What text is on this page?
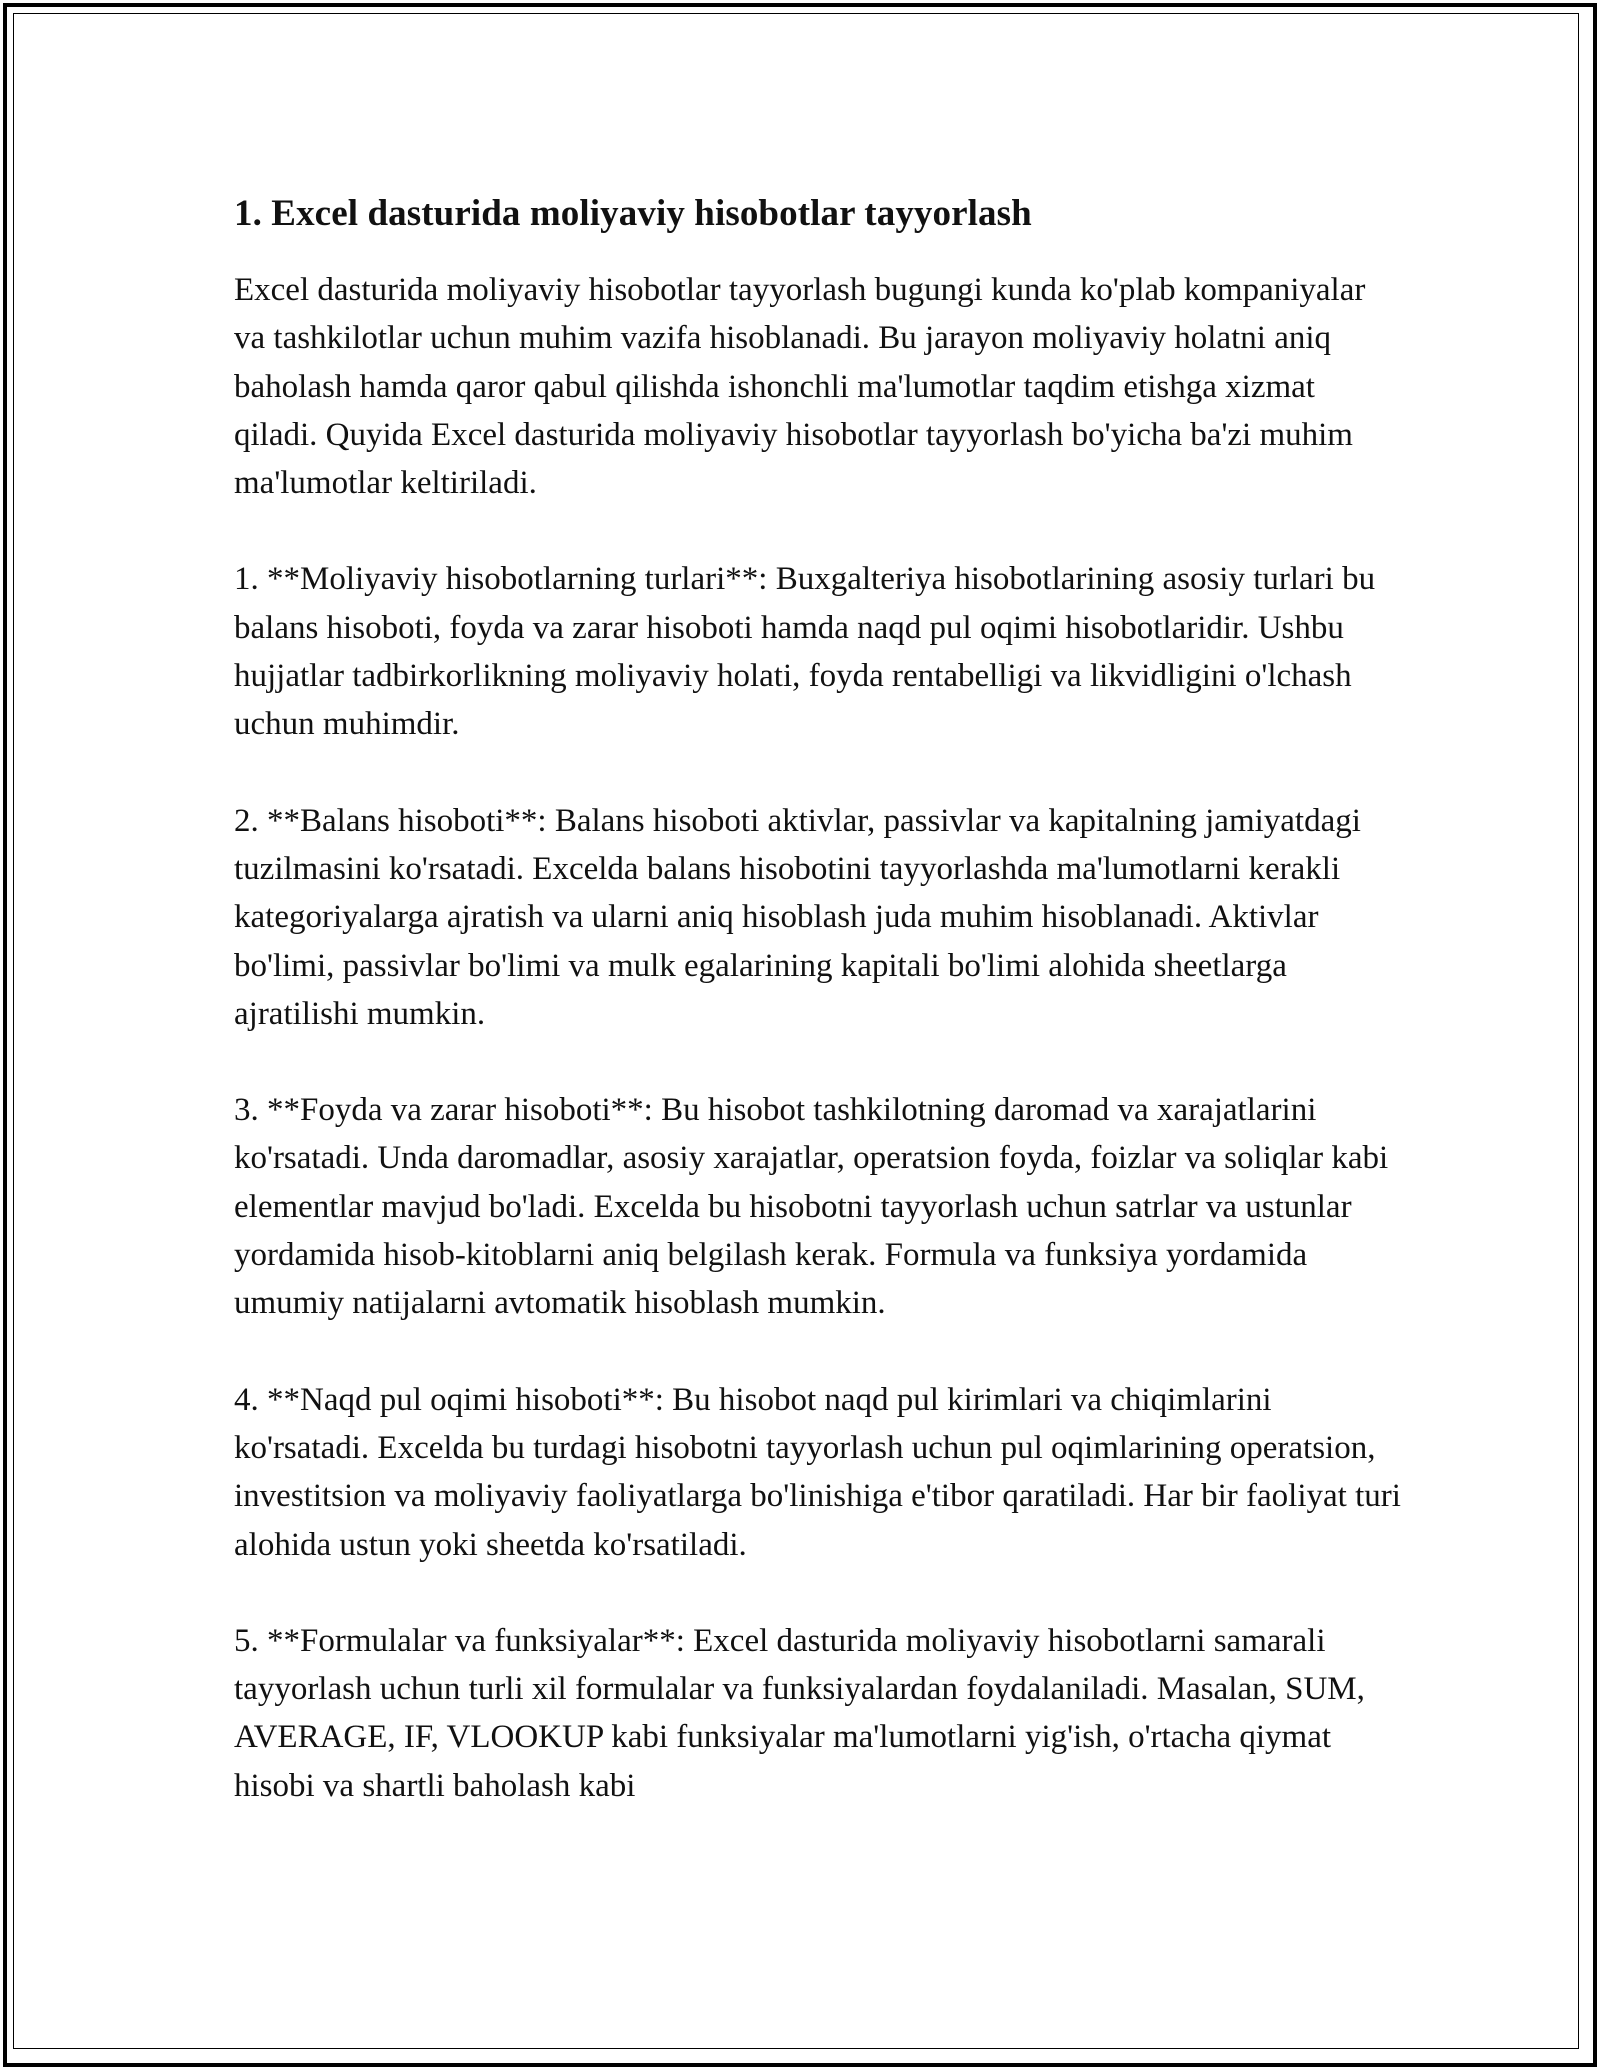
1. Excel dasturida moliyaviy hisobotlar tayyorlash

Excel dasturida moliyaviy hisobotlar tayyorlash bugungi kunda ko'plab kompaniyalar va tashkilotlar uchun muhim vazifa hisoblanadi. Bu jarayon moliyaviy holatni aniq baholash hamda qaror qabul qilishda ishonchli ma'lumotlar taqdim etishga xizmat qiladi. Quyida Excel dasturida moliyaviy hisobotlar tayyorlash bo'yicha ba'zi muhim ma'lumotlar keltiriladi.

1. **Moliyaviy hisobotlarning turlari**: Buxgalteriya hisobotlarining asosiy turlari bu balans hisoboti, foyda va zarar hisoboti hamda naqd pul oqimi hisobotlaridir. Ushbu hujjatlar tadbirkorlikning moliyaviy holati, foyda rentabelligi va likvidligini o'lchash uchun muhimdir.

2. **Balans hisoboti**: Balans hisoboti aktivlar, passivlar va kapitalning jamiyatdagi tuzilmasini ko'rsatadi. Excelda balans hisobotini tayyorlashda ma'lumotlarni kerakli kategoriyalarga ajratish va ularni aniq hisoblash juda muhim hisoblanadi. Aktivlar bo'limi, passivlar bo'limi va mulk egalarining kapitali bo'limi alohida sheetlarga ajratilishi mumkin.

3. **Foyda va zarar hisoboti**: Bu hisobot tashkilotning daromad va xarajatlarini ko'rsatadi. Unda daromadlar, asosiy xarajatlar, operatsion foyda, foizlar va soliqlar kabi elementlar mavjud bo'ladi. Excelda bu hisobotni tayyorlash uchun satrlar va ustunlar yordamida hisob-kitoblarni aniq belgilash kerak. Formula va funksiya yordamida umumiy natijalarni avtomatik hisoblash mumkin.

4. **Naqd pul oqimi hisoboti**: Bu hisobot naqd pul kirimlari va chiqimlarini ko'rsatadi. Excelda bu turdagi hisobotni tayyorlash uchun pul oqimlarining operatsion, investitsion va moliyaviy faoliyatlarga bo'linishiga e'tibor qaratiladi. Har bir faoliyat turi alohida ustun yoki sheetda ko'rsatiladi.

5. **Formulalar va funksiyalar**: Excel dasturida moliyaviy hisobotlarni samarali tayyorlash uchun turli xil formulalar va funksiyalardan foydalaniladi. Masalan, SUM, AVERAGE, IF, VLOOKUP kabi funksiyalar ma'lumotlarni yig'ish, o'rtacha qiymat hisobi va shartli baholash kabi
